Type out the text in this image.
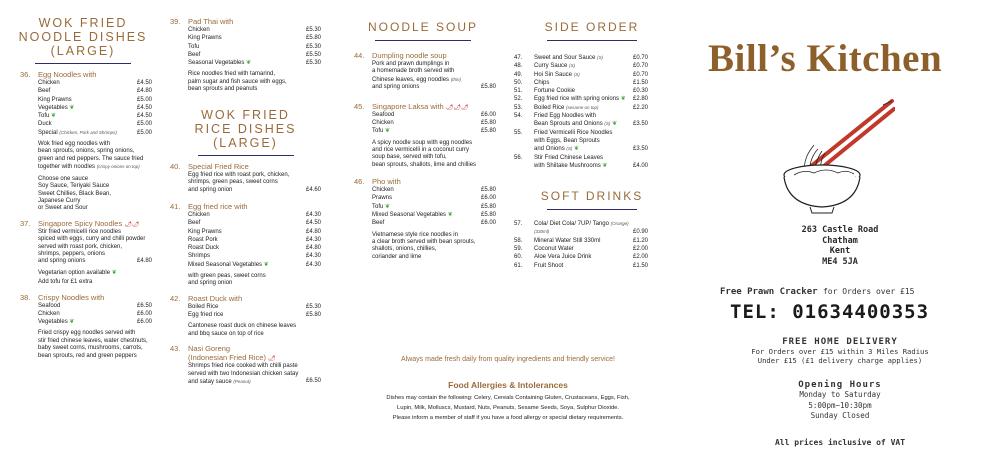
WOK FRIED
NOODLE DISHES
(LARGE)
36. Egg Noodles with
Chicken	£4.50
Beef	£4.80
King Prawns	£5.00
Vegetables ❦	£4.50
Tofu ❦	£4.50
Duck	£5.00
Special (Chicken, Pork and Shrimps)	£5.00
Wok fried egg noodles with
bean sprouts, onions, spring onions,
green and red peppers. The sauce fried
together with noodles (crispy onions on top)
Choose one sauce
Soy Sauce, Teriyaki Sauce
Sweet Chillies, Black Bean,
Japanese Curry
or Sweet and Sour
37. Singapore Spicy Noodles 🌶🌶
Stir fried vermicelli rice noodles
spiced with eggs, curry and chilli powder
served with roast pork, chicken,
shrimps, peppers, onions
and spring onions	£4.80
Vegetarian option available ❦
Add tofu for £1 extra
38. Crispy Noodles with
Seafood	£6.50
Chicken	£6.00
Vegetables ❦	£6.00
Fried crispy egg noodles served with
stir fried chinese leaves, water chestnuts,
baby sweet corns, mushrooms, carrots,
bean sprouts, red and green peppers
39. Pad Thai with
Chicken	£5.30
King Prawns	£5.80
Tofu	£5.30
Beef	£5.50
Seasonal Vegetables ❦	£5.30
Rice noodles fried with tamarind,
palm sugar and fish sauce with eggs,
bean sprouts and peanuts
WOK FRIED
RICE DISHES
(LARGE)
40. Special Fried Rice
Egg fried rice with roast pork, chicken,
shrimps, green peas, sweet corns
and spring onion	£4.60
41. Egg fried rice with
Chicken	£4.30
Beef	£4.50
King Prawns	£4.80
Roast Pork	£4.30
Roast Duck	£4.80
Shrimps	£4.30
Mixed Seasonal Vegetables ❦	£4.30
with green peas, sweet corns
and spring onion
42. Roast Duck with
Boiled Rice	£5.30
Egg fried rice	£5.80
Cantonese roast duck on chinese leaves
and bbq sauce on top of rice
43. Nasi Goreng
(Indonesian Fried Rice) 🌶
Shrimps fried rice cooked with chilli paste
served with two Indonesian chicken satay
and satay sauce (Peanut)	£6.50
NOODLE SOUP
44. Dumpling noodle soup
Pork and prawn dumplings in
a homemade broth served with
Chinese leaves, egg noodles (thin)
and spring onions	£5.80
45. Singapore Laksa with 🌶🌶🌶
Seafood	£6.00
Chicken	£5.80
Tofu ❦	£5.80
A spicy noodle soup with egg noodles
and rice vermicelli in a coconut curry
soup base, served with tofu,
bean sprouts, shallots, lime and chillies
46. Pho with
Chicken	£5.80
Prawns	£6.00
Tofu ❦	£5.80
Mixed Seasonal Vegetables ❦	£5.80
Beef	£6.00
Vietnamese style rice noodles in
a clear broth served with bean sprouts,
shallots, onions, chillies,
coriander and lime
SIDE ORDER
47.	Sweet and Sour Sauce (S)	£0.70
48.	Curry Sauce (S)	£0.70
49.	Hoi Sin Sauce (S)	£0.70
50.	Chips	£1.50
51.	Fortune Cookie	£0.30
52.	Egg fried rice with spring onions ❦	£2.80
53.	Boiled Rice (sesame on top)	£2.20
54.	Fried Egg Noodles with
Bean Sprouts and Onions (S) ❦	£3.50
55.	Fried Vermicelli Rice Noodles
with Eggs, Bean Sprouts
and Onions (S) ❦	£3.50
56.	Stir Fried Chinese Leaves
with Shiitake Mushrooms ❦	£4.00
SOFT DRINKS
57.	Cola/ Diet Cola/ 7UP/ Tango (Orange)
(330ml)	£0.90
58.	Mineral Water Still 330ml	£1.20
59.	Coconut Water	£2.00
60.	Aloe Vera Juice Drink	£2.00
61.	Fruit Shoot	£1.50
Always made fresh daily from quality ingredients and friendly service!
Food Allergies & Intolerances
Dishes may contain the following: Celery, Cereals Containing Gluten, Crustaceans, Eggs, Fish,
Lupin, Milk, Molluscs, Mustard, Nuts, Peanuts, Sesame Seeds, Soya, Sulphur Dioxide.
Please inform a member of staff if you have a food allergy or special dietary requirements.
Bill’s Kitchen
263 Castle Road
Chatham
Kent
ME4 5JA
Free Prawn Cracker for Orders over £15
TEL: 01634400353
FREE HOME DELIVERY
For Orders over £15 within 3 Miles Radius
Under £15 (£1 delivery charge applies)
Opening Hours
Monday to Saturday
5:00pm−10:30pm
Sunday Closed
All prices inclusive of VAT
